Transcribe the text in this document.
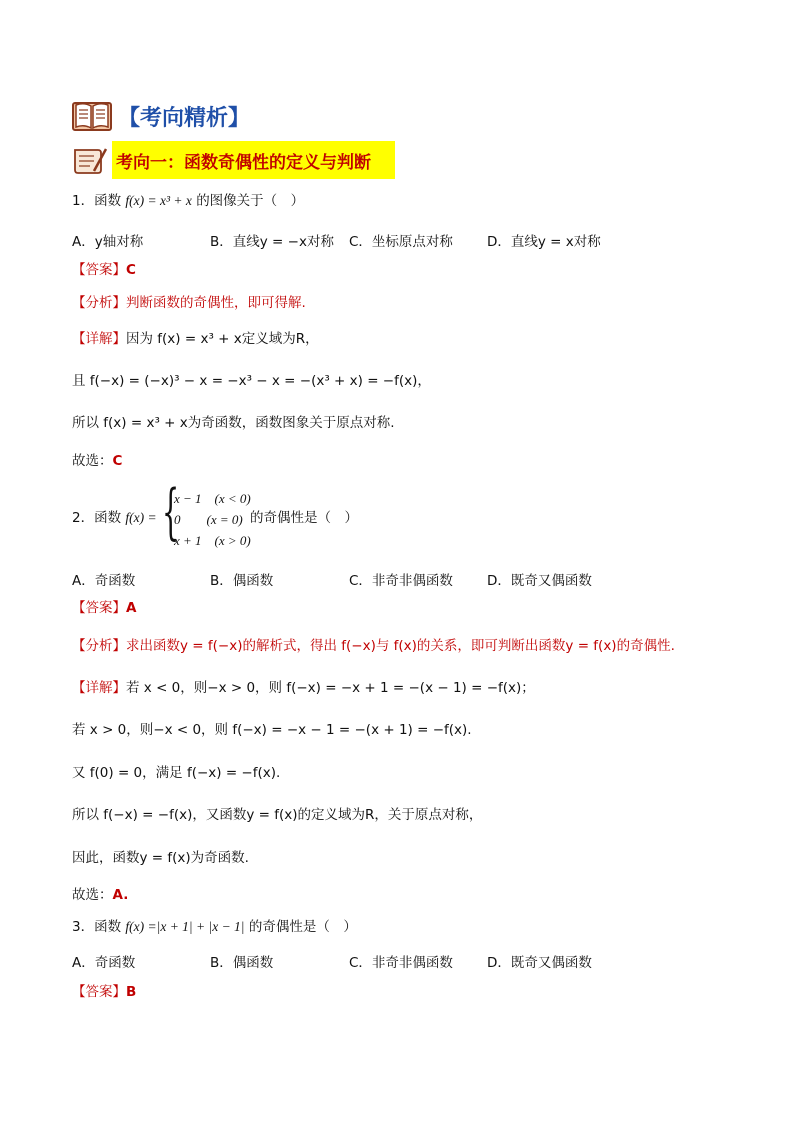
【考向精析】
考向一：函数奇偶性的定义与判断
1．函数 f(x) = x³ + x 的图像关于（　）
A．y轴对称	B．直线y = −x对称 C．坐标原点对称	D．直线y = x对称
【答案】C
【分析】判断函数的奇偶性，即可得解.
【详解】因为 f(x) = x³ + x定义域为R，
且 f(−x) = (−x)³ − x = −x³ − x = −(x³ + x) = −f(x)，
所以 f(x) = x³ + x为奇函数，函数图象关于原点对称.
故选：C
2．函数 f(x) = {
x − 1　(x < 0)
0　　(x = 0)
x + 1　(x > 0)
的奇偶性是（　）
A．奇函数	B．偶函数	C．非奇非偶函数	D．既奇又偶函数
【答案】A
【分析】求出函数y = f(−x)的解析式，得出 f(−x)与 f(x)的关系，即可判断出函数y = f(x)的奇偶性.
【详解】若 x < 0，则−x > 0，则 f(−x) = −x + 1 = −(x − 1) = −f(x)；
若 x > 0，则−x < 0，则 f(−x) = −x − 1 = −(x + 1) = −f(x).
又 f(0) = 0，满足 f(−x) = −f(x).
所以 f(−x) = −f(x)，又函数y = f(x)的定义域为R，关于原点对称，
因此，函数y = f(x)为奇函数.
故选：A.
3．函数 f(x) =|x + 1| + |x − 1| 的奇偶性是（　）
A．奇函数	B．偶函数	C．非奇非偶函数	D．既奇又偶函数
【答案】B
